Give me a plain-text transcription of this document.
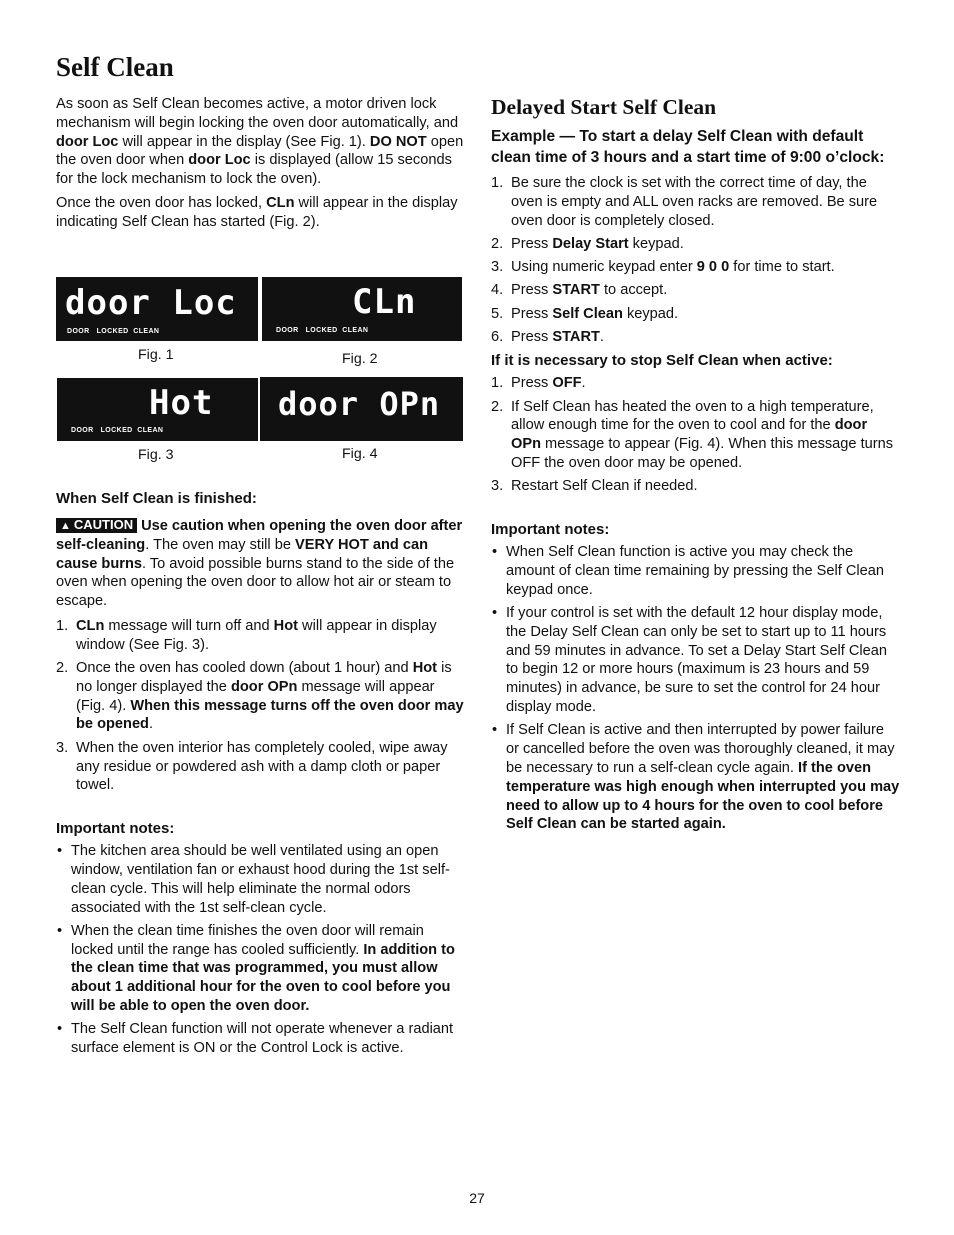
Self Clean

As soon as Self Clean becomes active, a motor driven lock mechanism will begin locking the oven door automatically, and door Loc will appear in the display (See Fig. 1). DO NOT open the oven door when door Loc is displayed (allow 15 seconds for the lock mechanism to lock the oven).

Once the oven door has locked, CLn will appear in the display indicating Self Clean has started (Fig. 2).

door Loc
DOOR   LOCKED  CLEAN
Fig. 1
CLn
DOOR   LOCKED  CLEAN
Fig. 2
Hot
DOOR   LOCKED  CLEAN
Fig. 3
door OPn
Fig. 4
When Self Clean is finished:

▲ CAUTION Use caution when opening the oven door after self-cleaning. The oven may still be VERY HOT and can cause burns. To avoid possible burns stand to the side of the oven when opening the oven door to allow hot air or steam to escape.

1. CLn message will turn off and Hot will appear in display window (See Fig. 3).
2. Once the oven has cooled down (about 1 hour) and Hot is no longer displayed the door OPn message will appear (Fig. 4). When this message turns off the oven door may be opened.
3. When the oven interior has completely cooled, wipe away any residue or powdered ash with a damp cloth or paper towel.
Important notes:
• The kitchen area should be well ventilated using an open window, ventilation fan or exhaust hood during the 1st self-clean cycle. This will help eliminate the normal odors associated with the 1st self-clean cycle.
• When the clean time finishes the oven door will remain locked until the range has cooled sufficiently. In addition to the clean time that was programmed, you must allow about 1 additional hour for the oven to cool before you will be able to open the oven door.
• The Self Clean function will not operate whenever a radiant surface element is ON or the Control Lock is active.
Delayed Start Self Clean
Example — To start a delay Self Clean with default clean time of 3 hours and a start time of 9:00 o’clock:
1. Be sure the clock is set with the correct time of day, the oven is empty and ALL oven racks are removed. Be sure oven door is completely closed.
2. Press Delay Start keypad.
3. Using numeric keypad enter 9 0 0 for time to start.
4. Press START to accept.
5. Press Self Clean keypad.
6. Press START.
If it is necessary to stop Self Clean when active:
1. Press OFF.
2. If Self Clean has heated the oven to a high temperature, allow enough time for the oven to cool and for the door OPn message to appear (Fig. 4). When this message turns OFF the oven door may be opened.
3. Restart Self Clean if needed.
Important notes:
• When Self Clean function is active you may check the amount of clean time remaining by pressing the Self Clean keypad once.
• If your control is set with the default 12 hour display mode, the Delay Self Clean can only be set to start up to 11 hours and 59 minutes in advance. To set a Delay Start Self Clean to begin 12 or more hours (maximum is 23 hours and 59 minutes) in advance, be sure to set the control for 24 hour display mode.
• If Self Clean is active and then interrupted by power failure or cancelled before the oven was thoroughly cleaned, it may be necessary to run a self-clean cycle again. If the oven temperature was high enough when interrupted you may need to allow up to 4 hours for the oven to cool before Self Clean can be started again.
27
